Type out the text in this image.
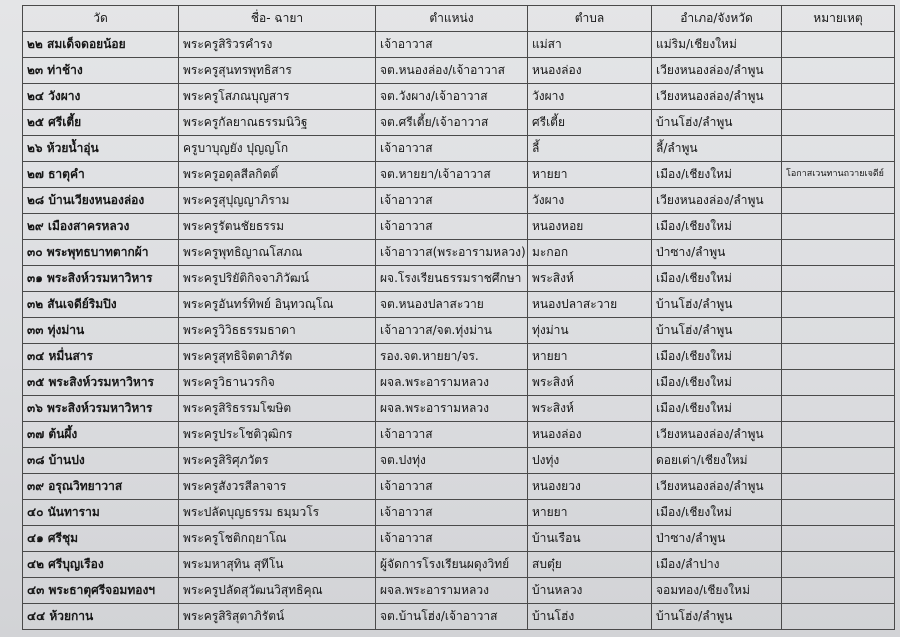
วัด	ชื่อ- ฉายา	ตำแหน่ง	ตำบล	อำเภอ/จังหวัด	หมายเหตุ
๒๒ สมเด็จดอยน้อย	พระครูสิริวรคำรง	เจ้าอาวาส	แม่สา	แม่ริม/เชียงใหม่	
๒๓ ท่าช้าง	พระครูสุนทรพุทธิสาร	จต.หนองล่อง/เจ้าอาวาส	หนองล่อง	เวียงหนองล่อง/ลำพูน	
๒๔ วังผาง	พระครูโสภณบุญสาร	จต.วังผาง/เจ้าอาวาส	วังผาง	เวียงหนองล่อง/ลำพูน	
๒๕ ศรีเตี้ย	พระครูกัลยาณธรรมนิวิฐ	จต.ศรีเตี้ย/เจ้าอาวาส	ศรีเตี้ย	บ้านโฮ่ง/ลำพูน	
๒๖ ห้วยน้ำอุ่น	ครูบาบุญยัง ปุญญโก	เจ้าอาวาส	ลี้	ลี้/ลำพูน	
๒๗ ธาตุคำ	พระครูอดุลสีลกิตติ์	จต.หายยา/เจ้าอาวาส	หายยา	เมือง/เชียงใหม่	โอกาสเวนทานถวายเจดีย์
๒๘ บ้านเวียงหนองล่อง	พระครูสุปุญญาภิราม	เจ้าอาวาส	วังผาง	เวียงหนองล่อง/ลำพูน	
๒๙ เมืองสาครหลวง	พระครูรัตนชัยธรรม	เจ้าอาวาส	หนองหอย	เมือง/เชียงใหม่	
๓๐ พระพุทธบาทตากผ้า	พระครูพุทธิญาณโสภณ	เจ้าอาวาส(พระอารามหลวง)	มะกอก	ป่าซาง/ลำพูน	
๓๑ พระสิงห์วรมหาวิหาร	พระครูปริยัติกิจจาภิวัฒน์	ผจ.โรงเรียนธรรมราชศึกษา	พระสิงห์	เมือง/เชียงใหม่	
๓๒ สันเจดีย์ริมปิง	พระครูอันทร์ทิพย์ อินฺทวณฺโณ	จต.หนองปลาสะวาย	หนองปลาสะวาย	บ้านโฮ่ง/ลำพูน	
๓๓ ทุ่งม่าน	พระครูวิวิธธรรมธาดา	เจ้าอาวาส/จต.ทุ่งม่าน	ทุ่งม่าน	บ้านโฮ่ง/ลำพูน	
๓๔ หมื่นสาร	พระครูสุทธิจิตตาภิรัต	รอง.จต.หายยา/จร.	หายยา	เมือง/เชียงใหม่	
๓๕ พระสิงห์วรมหาวิหาร	พระครูวิธานวรกิจ	ผจล.พระอารามหลวง	พระสิงห์	เมือง/เชียงใหม่	
๓๖ พระสิงห์วรมหาวิหาร	พระครูสิริธรรมโฆษิต	ผจล.พระอารามหลวง	พระสิงห์	เมือง/เชียงใหม่	
๓๗ ต้นผึ้ง	พระครูประโชติวุฒิกร	เจ้าอาวาส	หนองล่อง	เวียงหนองล่อง/ลำพูน	
๓๘ บ้านปง	พระครูสิริศุภวัตร	จต.ปงทุ่ง	ปงทุ่ง	ดอยเต่า/เชียงใหม่	
๓๙ อรุณวิทยาวาส	พระครูสังวรสีลาจาร	เจ้าอาวาส	หนองยวง	เวียงหนองล่อง/ลำพูน	
๔๐ นันทาราม	พระปลัดบุญธรรม ธมฺมวโร	เจ้าอาวาส	หายยา	เมือง/เชียงใหม่	
๔๑ ศรีชุม	พระครูโชติกฤยาโณ	เจ้าอาวาส	บ้านเรือน	ป่าซาง/ลำพูน	
๔๒ ศรีบุญเรือง	พระมหาสุทิน สุทีโน	ผู้จัดการโรงเรียนผดุงวิทย์	สบตุ๋ย	เมือง/ลำปาง	
๔๓ พระธาตุศรีจอมทองฯ	พระครูปลัดสุวัฒนวิสุทธิคุณ	ผจล.พระอารามหลวง	บ้านหลวง	จอมทอง/เชียงใหม่	
๔๔ ห้วยกาน	พระครูสิริสุตาภิรัตน์	จต.บ้านโฮ่ง/เจ้าอาวาส	บ้านโฮ่ง	บ้านโฮ่ง/ลำพูน	
